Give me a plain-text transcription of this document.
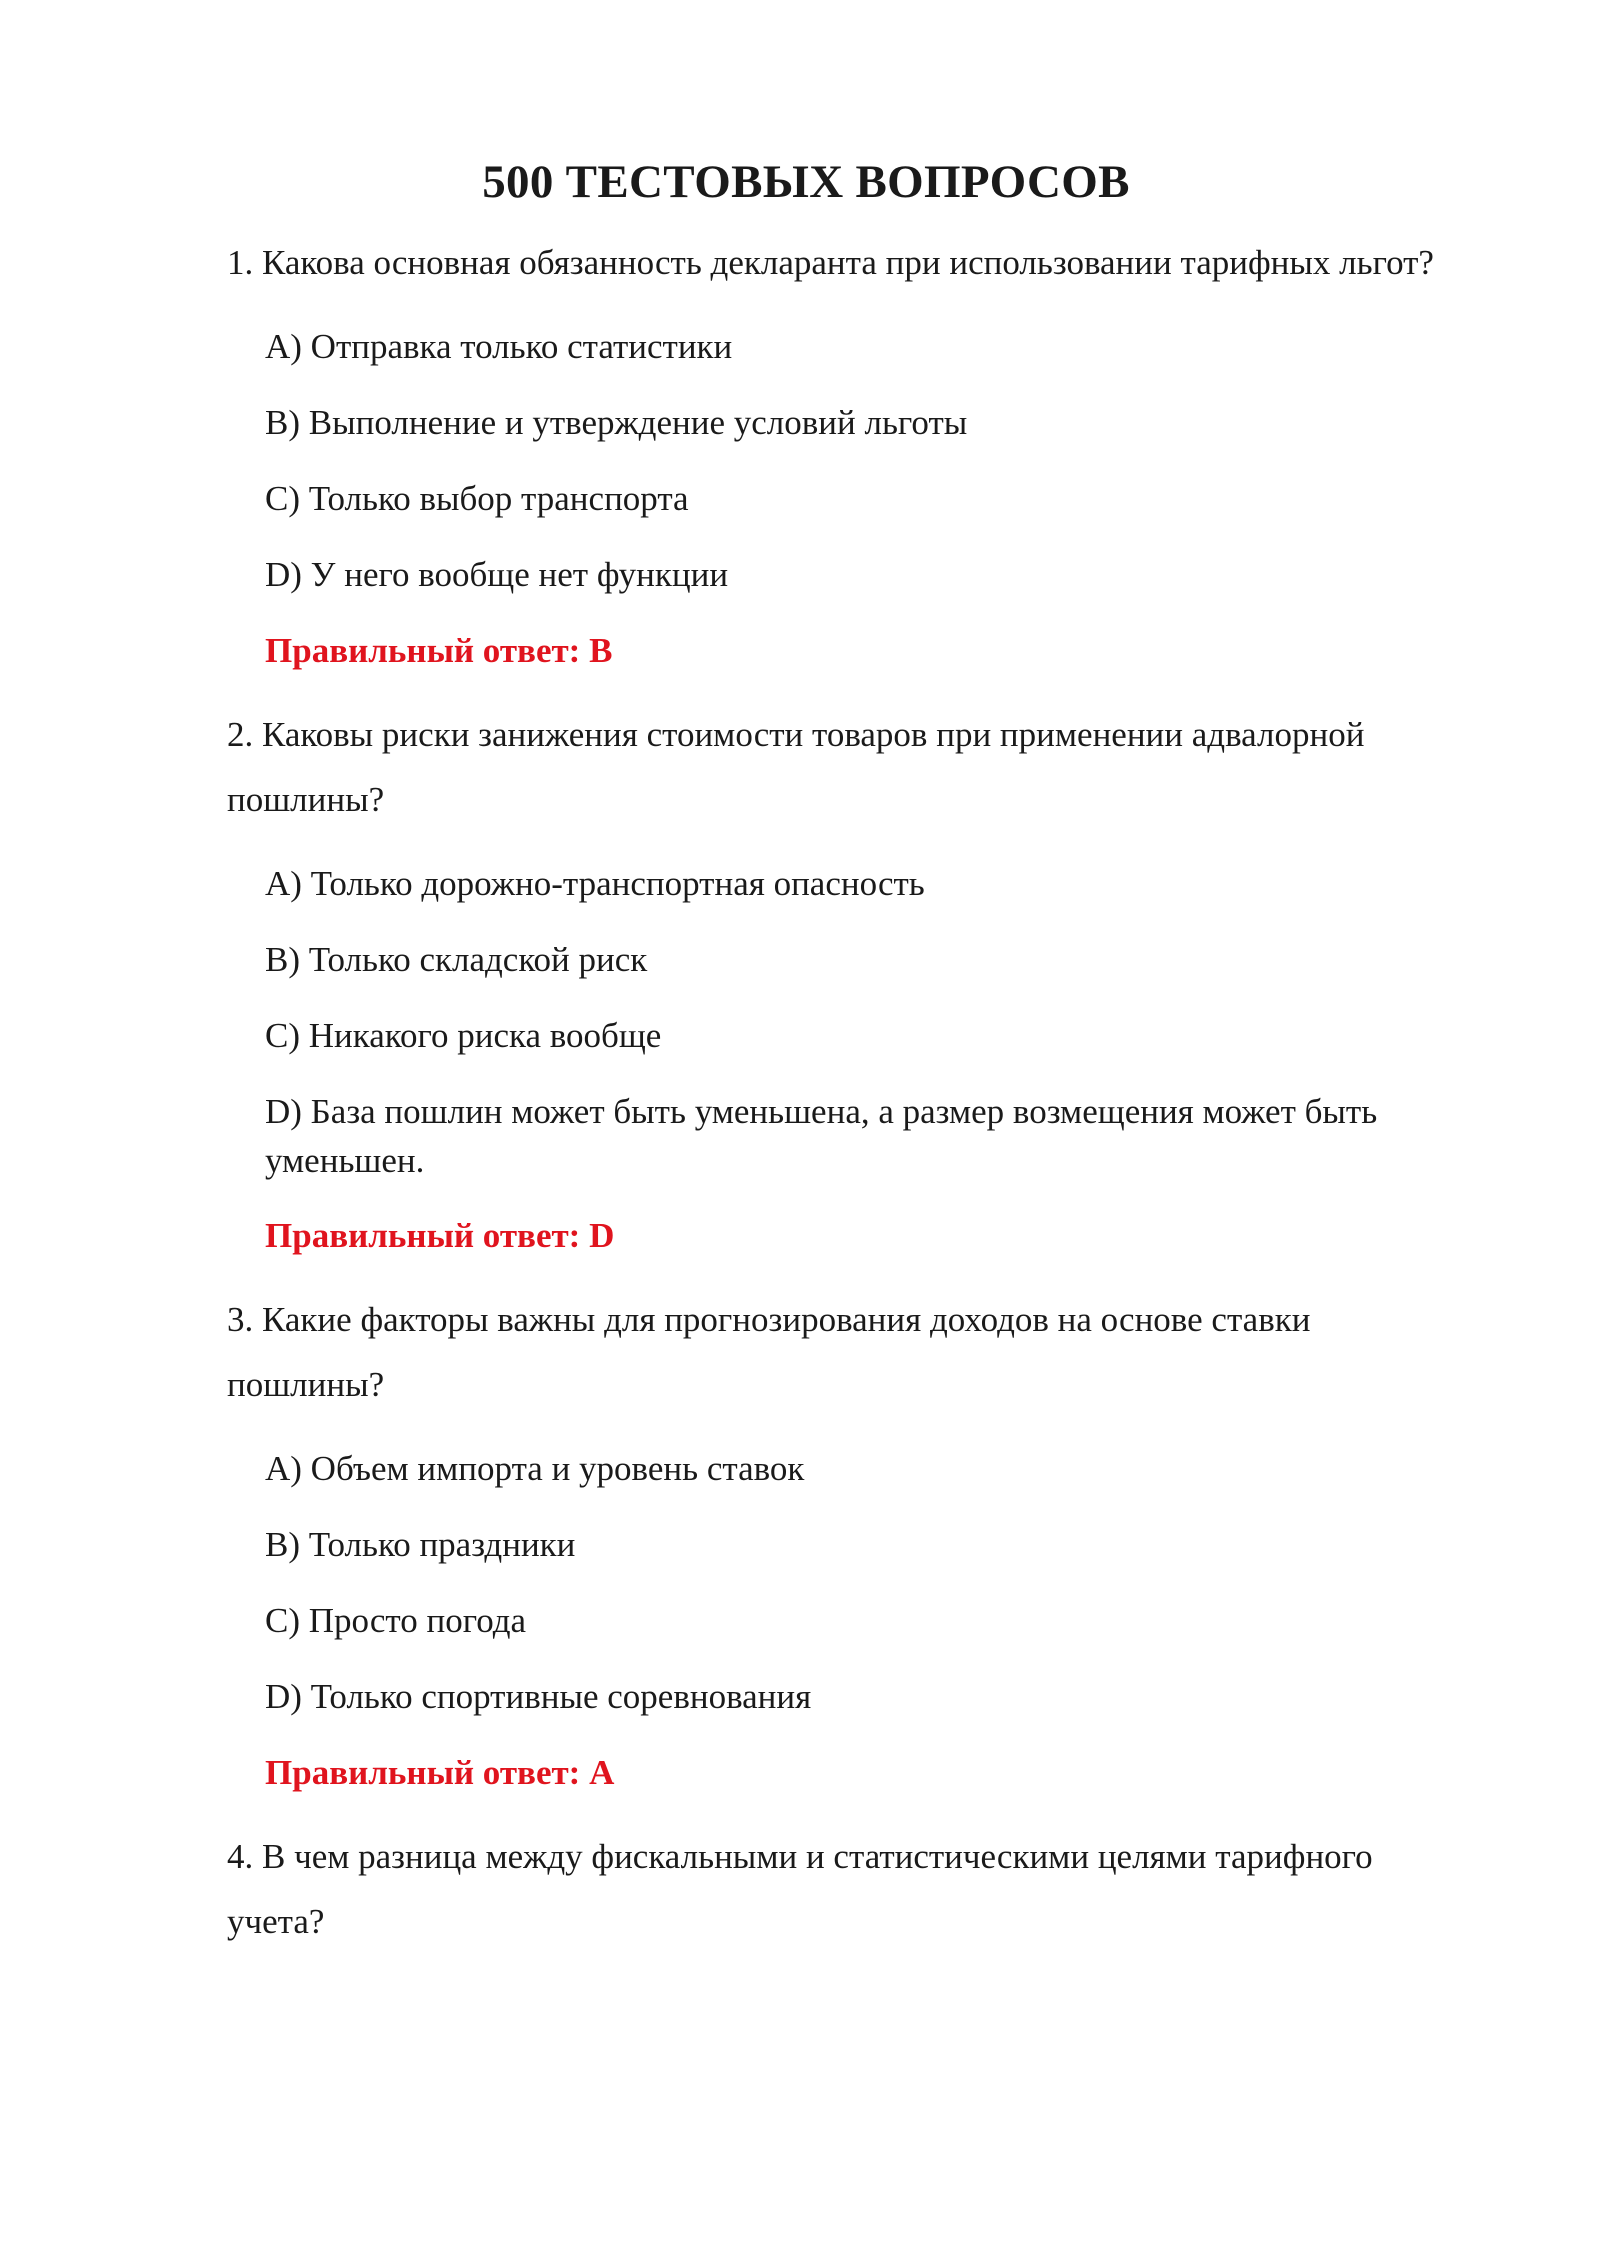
500 ТЕСТОВЫХ ВОПРОСОВ

1. Какова основная обязанность декларанта при использовании тарифных льгот?

A) Отправка только статистики
B) Выполнение и утверждение условий льготы
C) Только выбор транспорта
D) У него вообще нет функции

Правильный ответ: B

2. Каковы риски занижения стоимости товаров при применении адвалорной пошлины?

A) Только дорожно-транспортная опасность
B) Только складской риск
C) Никакого риска вообще
D) База пошлин может быть уменьшена, а размер возмещения может быть уменьшен.

Правильный ответ: D

3. Какие факторы важны для прогнозирования доходов на основе ставки пошлины?

A) Объем импорта и уровень ставок
B) Только праздники
C) Просто погода
D) Только спортивные соревнования

Правильный ответ: A

4. В чем разница между фискальными и статистическими целями тарифного учета?
